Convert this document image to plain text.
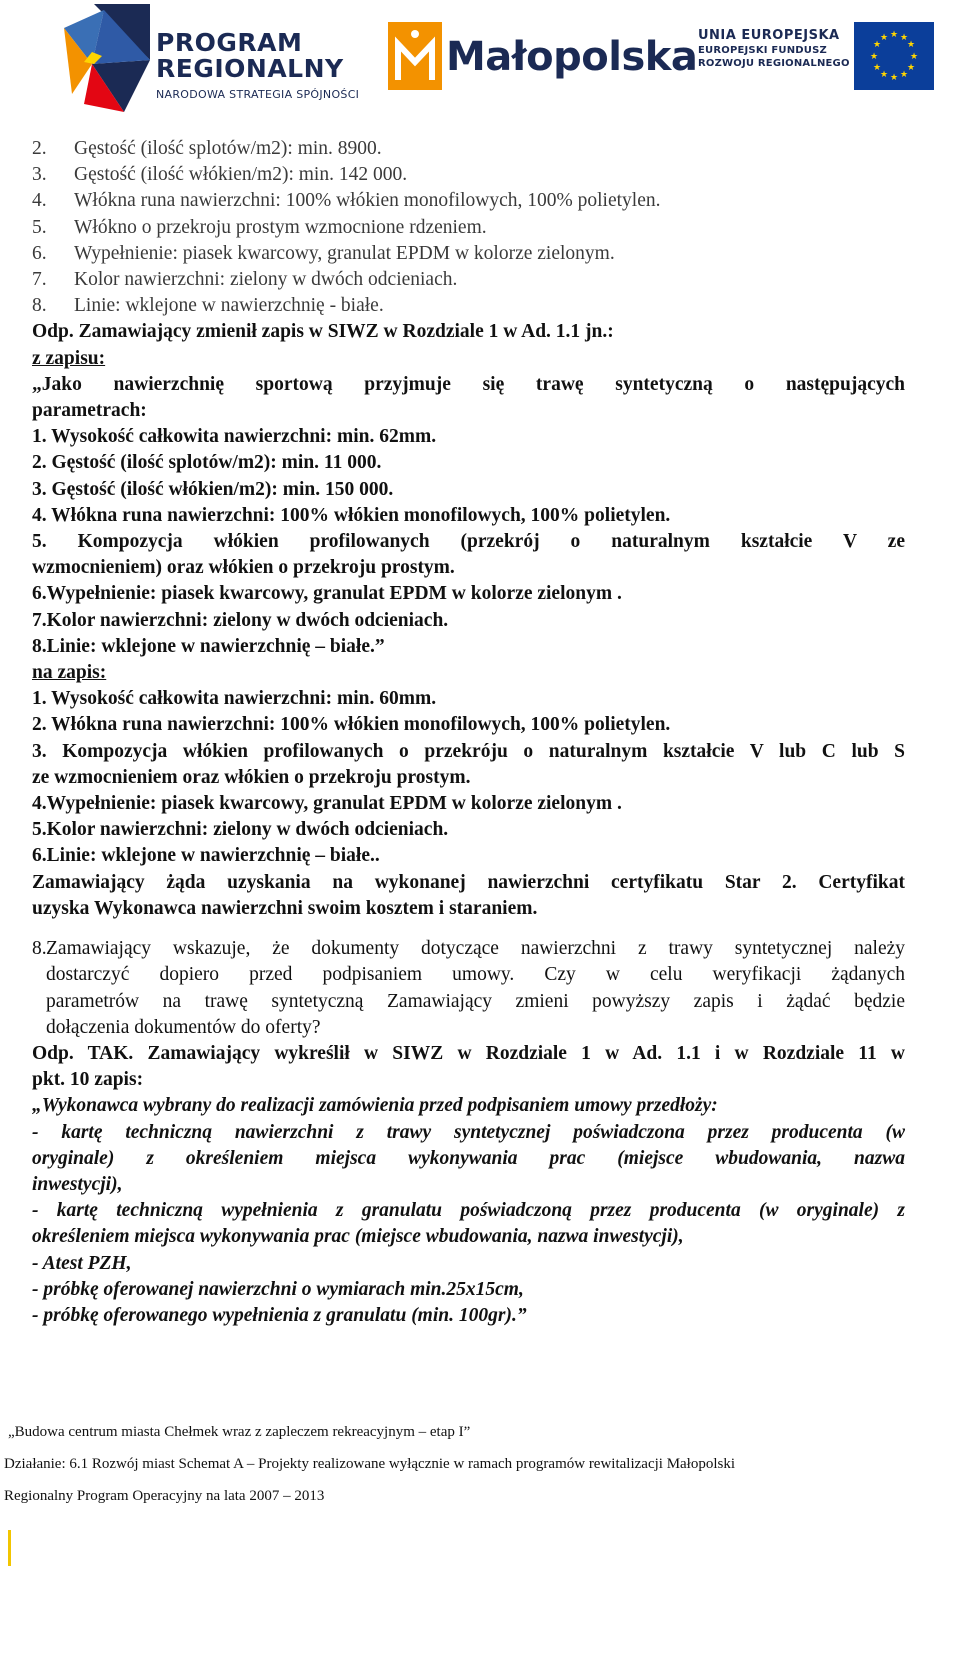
PROGRAM
REGIONALNY
NARODOWA STRATEGIA SPÓJNOŚCI
Małopolska UNIA EUROPEJSKA
EUROPEJSKI FUNDUSZ
ROZWOJU REGIONALNEGO
★ ★
★
★
★
★
★
★
★
★
★
★
2. Gęstość (ilość splotów/m2): min. 8900.
3. Gęstość (ilość włókien/m2): min. 142 000.
4. Włókna runa nawierzchni: 100% włókien monofilowych, 100% polietylen.
5. Włókno o przekroju prostym wzmocnione rdzeniem.
6. Wypełnienie: piasek kwarcowy, granulat EPDM w kolorze zielonym.
7. Kolor nawierzchni: zielony w dwóch odcieniach.
8. Linie: wklejone w nawierzchnię - białe.
Odp. Zamawiający zmienił zapis w SIWZ w Rozdziale 1 w Ad. 1.1 jn.:
z zapisu:
„Jako nawierzchnię sportową przyjmuje się trawę syntetyczną o następujących
parametrach:
1. Wysokość całkowita nawierzchni: min. 62mm.
2. Gęstość (ilość splotów/m2): min. 11 000.
3. Gęstość (ilość włókien/m2): min. 150 000.
4. Włókna runa nawierzchni: 100% włókien monofilowych, 100% polietylen.
5. Kompozycja włókien profilowanych (przekrój o naturalnym kształcie V ze
wzmocnieniem) oraz włókien o przekroju prostym.
6.Wypełnienie: piasek kwarcowy, granulat EPDM w kolorze zielonym .
7.Kolor nawierzchni: zielony w dwóch odcieniach.
8.Linie: wklejone w nawierzchnię – białe.”
na zapis:
1. Wysokość całkowita nawierzchni: min. 60mm.
2. Włókna runa nawierzchni: 100% włókien monofilowych, 100% polietylen.
3. Kompozycja włókien profilowanych o przekróju o naturalnym kształcie V lub C lub S
ze wzmocnieniem oraz włókien o przekroju prostym.
4.Wypełnienie: piasek kwarcowy, granulat EPDM w kolorze zielonym .
5.Kolor nawierzchni: zielony w dwóch odcieniach.
6.Linie: wklejone w nawierzchnię – białe..
Zamawiający żąda uzyskania na wykonanej nawierzchni certyfikatu Star 2. Certyfikat
uzyska Wykonawca nawierzchni swoim kosztem i staraniem.
8.Zamawiający wskazuje, że dokumenty dotyczące nawierzchni z trawy syntetycznej należy
dostarczyć dopiero przed podpisaniem umowy. Czy w celu weryfikacji żądanych
parametrów na trawę syntetyczną Zamawiający zmieni powyższy zapis i żądać będzie
dołączenia dokumentów do oferty?
Odp. TAK. Zamawiający wykreślił w SIWZ w Rozdziale 1 w Ad. 1.1 i w Rozdziale 11 w
pkt. 10 zapis:
„Wykonawca wybrany do realizacji zamówienia przed podpisaniem umowy przedłoży:
- kartę techniczną nawierzchni z trawy syntetycznej poświadczona przez producenta (w
oryginale) z określeniem miejsca wykonywania prac (miejsce wbudowania, nazwa
inwestycji),
- kartę techniczną wypełnienia z granulatu poświadczoną przez producenta (w oryginale) z
określeniem miejsca wykonywania prac (miejsce wbudowania, nazwa inwestycji),
- Atest PZH,
- próbkę oferowanej nawierzchni o wymiarach min.25x15cm,
- próbkę oferowanego wypełnienia z granulatu (min. 100gr).”
„Budowa centrum miasta Chełmek wraz z zapleczem rekreacyjnym – etap I”
Działanie: 6.1 Rozwój miast Schemat A – Projekty realizowane wyłącznie w ramach programów rewitalizacji Małopolski
Regionalny Program Operacyjny na lata 2007 – 2013
